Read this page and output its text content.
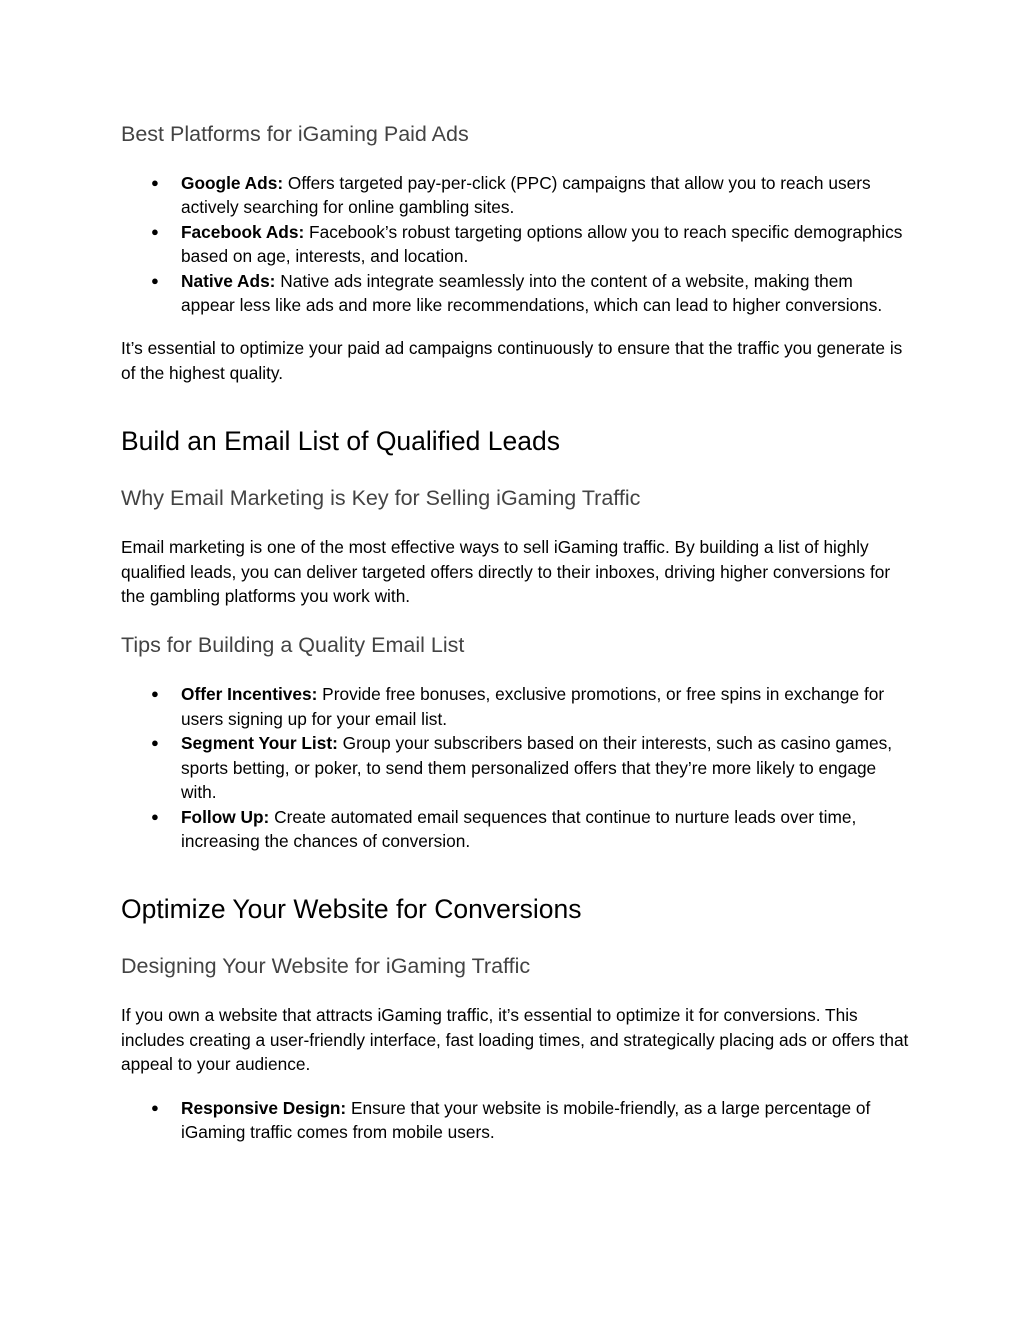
Best Platforms for iGaming Paid Ads
● Google Ads: Offers targeted pay-per-click (PPC) campaigns that allow you to reach users actively searching for online gambling sites.
● Facebook Ads: Facebook’s robust targeting options allow you to reach specific demographics based on age, interests, and location.
● Native Ads: Native ads integrate seamlessly into the content of a website, making them appear less like ads and more like recommendations, which can lead to higher conversions.

It’s essential to optimize your paid ad campaigns continuously to ensure that the traffic you generate is of the highest quality.

Build an Email List of Qualified Leads
Why Email Marketing is Key for Selling iGaming Traffic

Email marketing is one of the most effective ways to sell iGaming traffic. By building a list of highly qualified leads, you can deliver targeted offers directly to their inboxes, driving higher conversions for the gambling platforms you work with.

Tips for Building a Quality Email List
● Offer Incentives: Provide free bonuses, exclusive promotions, or free spins in exchange for users signing up for your email list.
● Segment Your List: Group your subscribers based on their interests, such as casino games, sports betting, or poker, to send them personalized offers that they’re more likely to engage with.
● Follow Up: Create automated email sequences that continue to nurture leads over time, increasing the chances of conversion.
Optimize Your Website for Conversions
Designing Your Website for iGaming Traffic

If you own a website that attracts iGaming traffic, it’s essential to optimize it for conversions. This includes creating a user-friendly interface, fast loading times, and strategically placing ads or offers that appeal to your audience.

● Responsive Design: Ensure that your website is mobile-friendly, as a large percentage of iGaming traffic comes from mobile users.
